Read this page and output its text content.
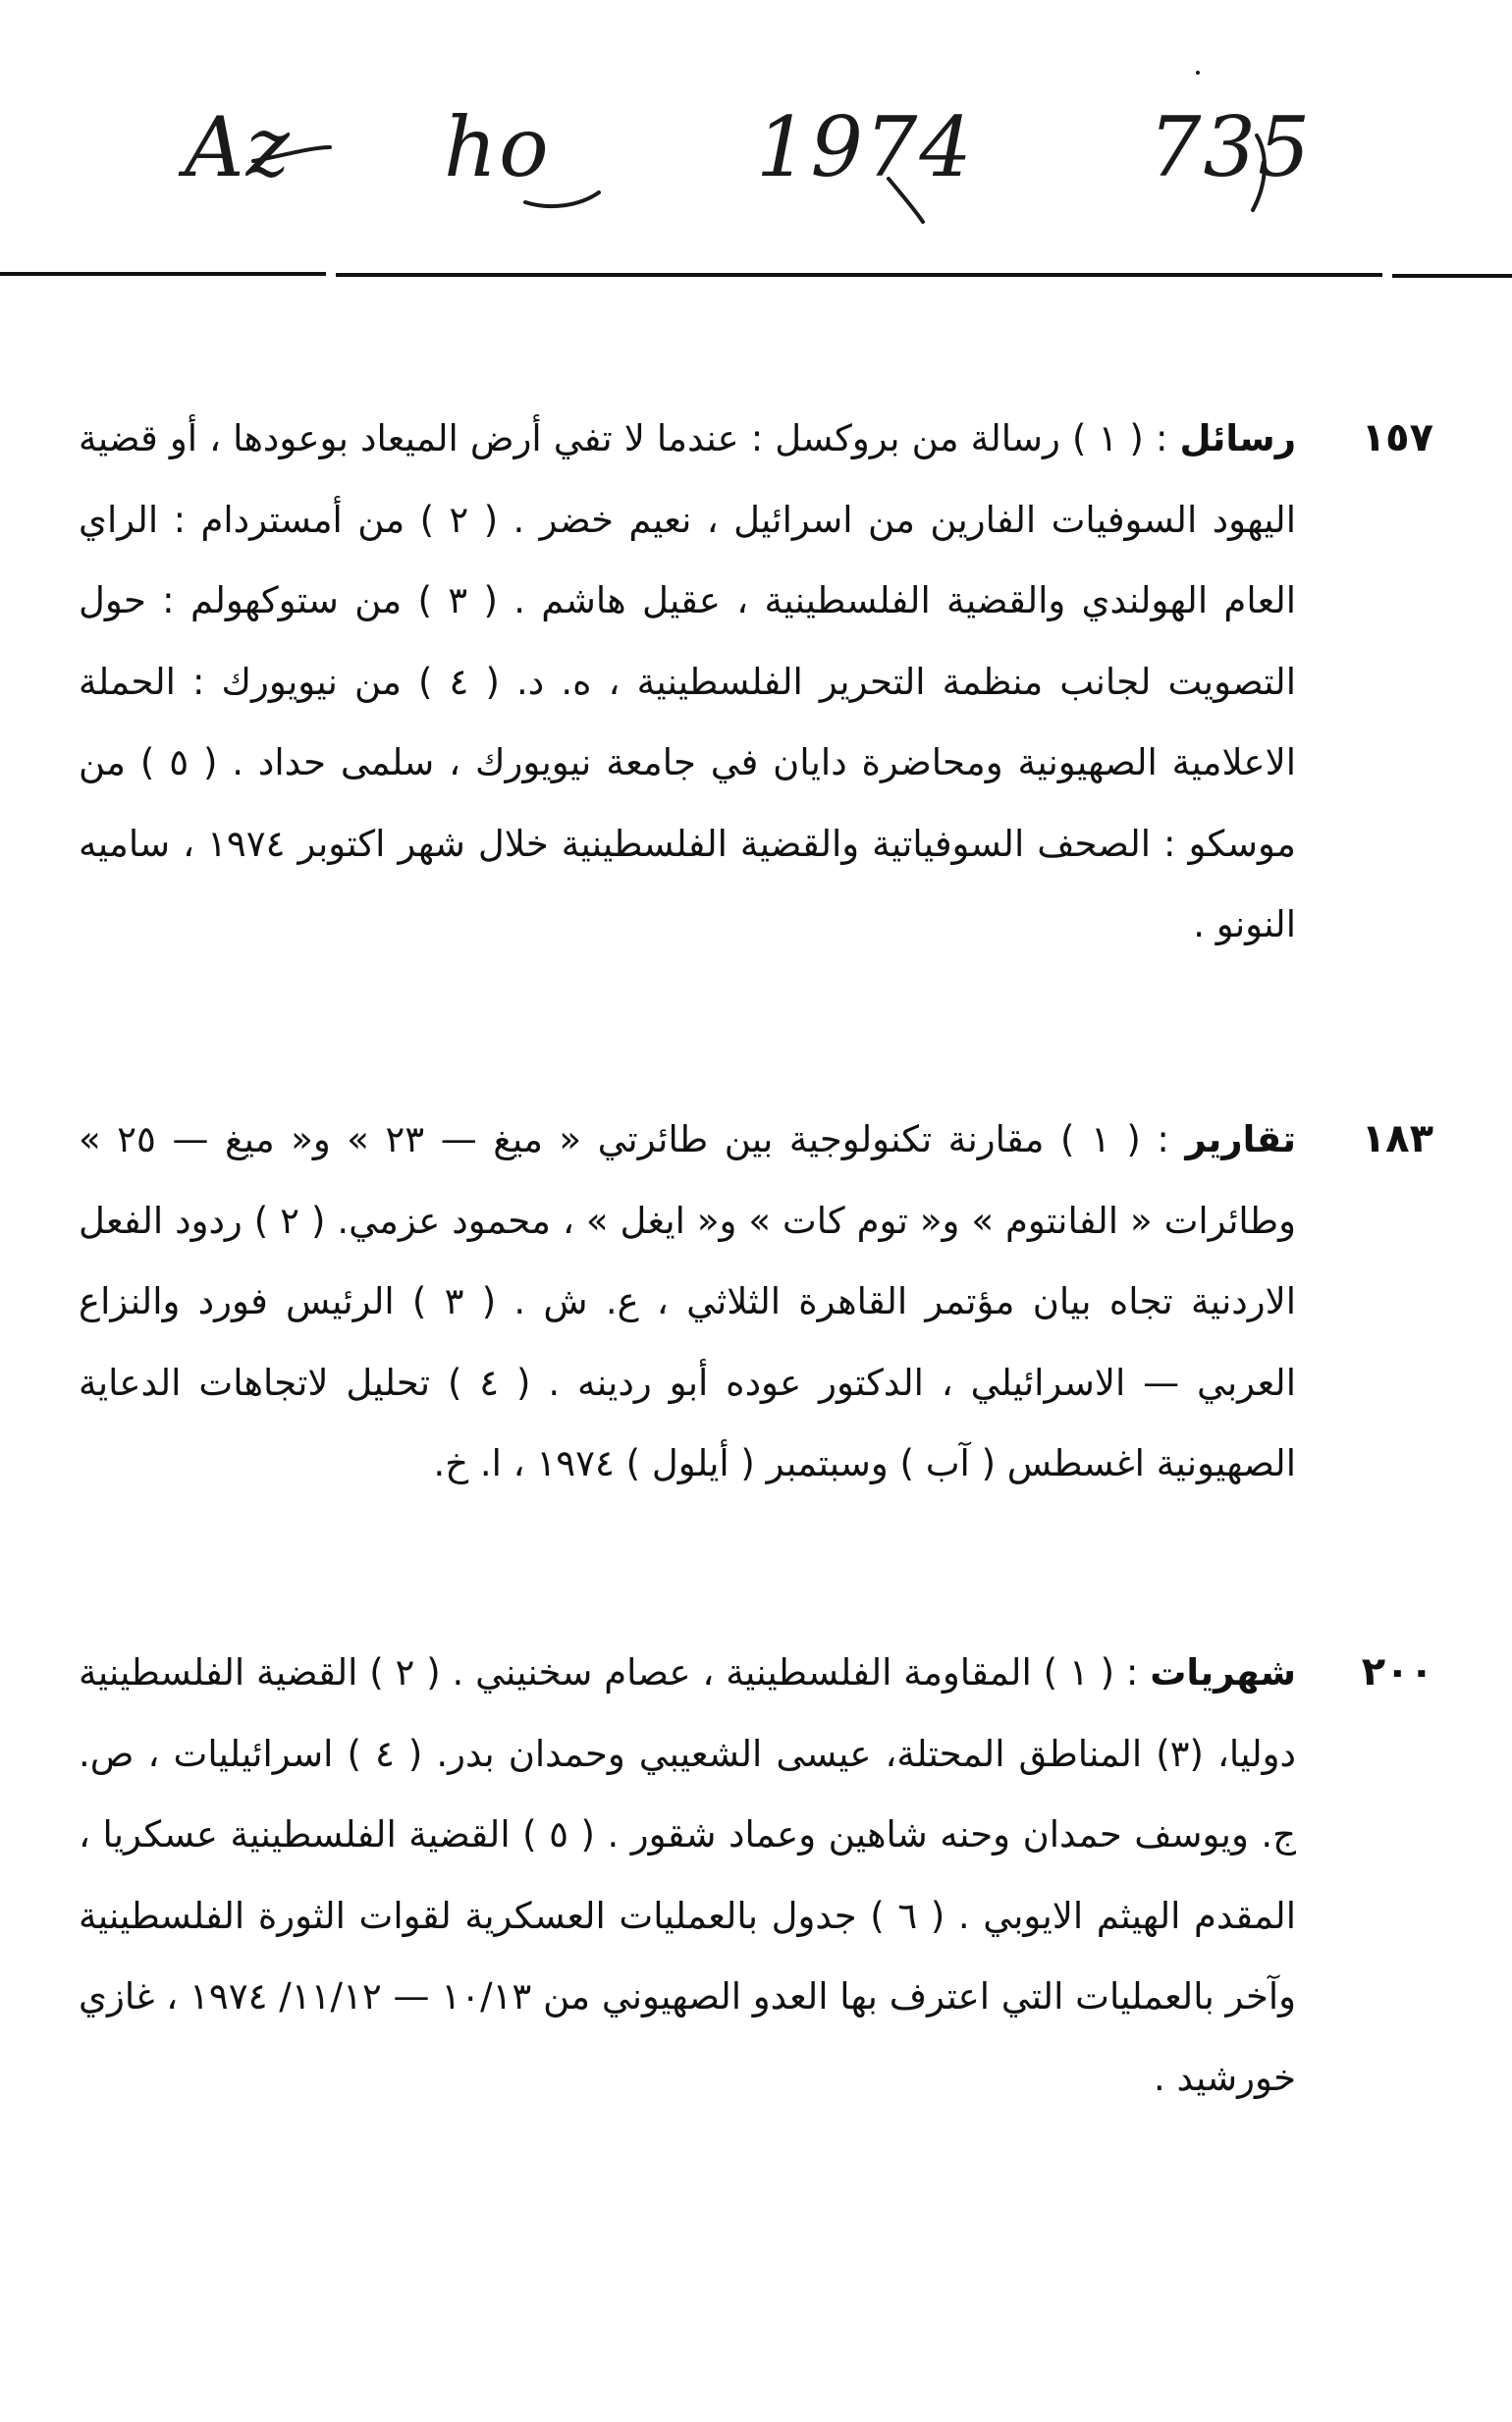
Az ho 1974 735
١٥٧
رسائل : ( ١ ) رسالة من بروكسل : عندما لا تفي أرض الميعاد بوعودها ، أو قضية اليهود السوفيات الفارين من اسرائيل ، نعيم خضر . ( ٢ ) من أمستردام : الراي العام الهولندي والقضية الفلسطينية ، عقيل هاشم . ( ٣ ) من ستوكهولم : حول التصويت لجانب منظمة التحرير الفلسطينية ، ه. د. ( ٤ ) من نيويورك : الحملة الاعلامية الصهيونية ومحاضرة دايان في جامعة نيويورك ، سلمى حداد . ( ٥ ) من موسكو : الصحف السوفياتية والقضية الفلسطينية خلال شهر اكتوبر ١٩٧٤ ، ساميه النونو .
١٨٣
تقارير : ( ١ ) مقارنة تكنولوجية بين طائرتي « ميغ — ٢٣ » و« ميغ — ٢٥ » وطائرات « الفانتوم » و« توم كات » و« ايغل » ، محمود عزمي. ( ٢ ) ردود الفعل الاردنية تجاه بيان مؤتمر القاهرة الثلاثي ، ع. ش . ( ٣ ) الرئيس فورد والنزاع العربي — الاسرائيلي ، الدكتور عوده أبو ردينه . ( ٤ ) تحليل لاتجاهات الدعاية الصهيونية اغسطس ( آب ) وسبتمبر ( أيلول ) ١٩٧٤ ، ا. خ.
٢٠٠
شهريات : ( ١ ) المقاومة الفلسطينية ، عصام سخنيني . ( ٢ ) القضية الفلسطينية دوليا، (٣) المناطق المحتلة، عيسى الشعيبي وحمدان بدر. ( ٤ ) اسرائيليات ، ص. ج. ويوسف حمدان وحنه شاهين وعماد شقور . ( ٥ ) القضية الفلسطينية عسكريا ، المقدم الهيثم الايوبي . ( ٦ ) جدول بالعمليات العسكرية لقوات الثورة الفلسطينية وآخر بالعمليات التي اعترف بها العدو الصهيوني من ١٠/١٣ — ١١/١٢/ ١٩٧٤ ، غازي خورشيد .
